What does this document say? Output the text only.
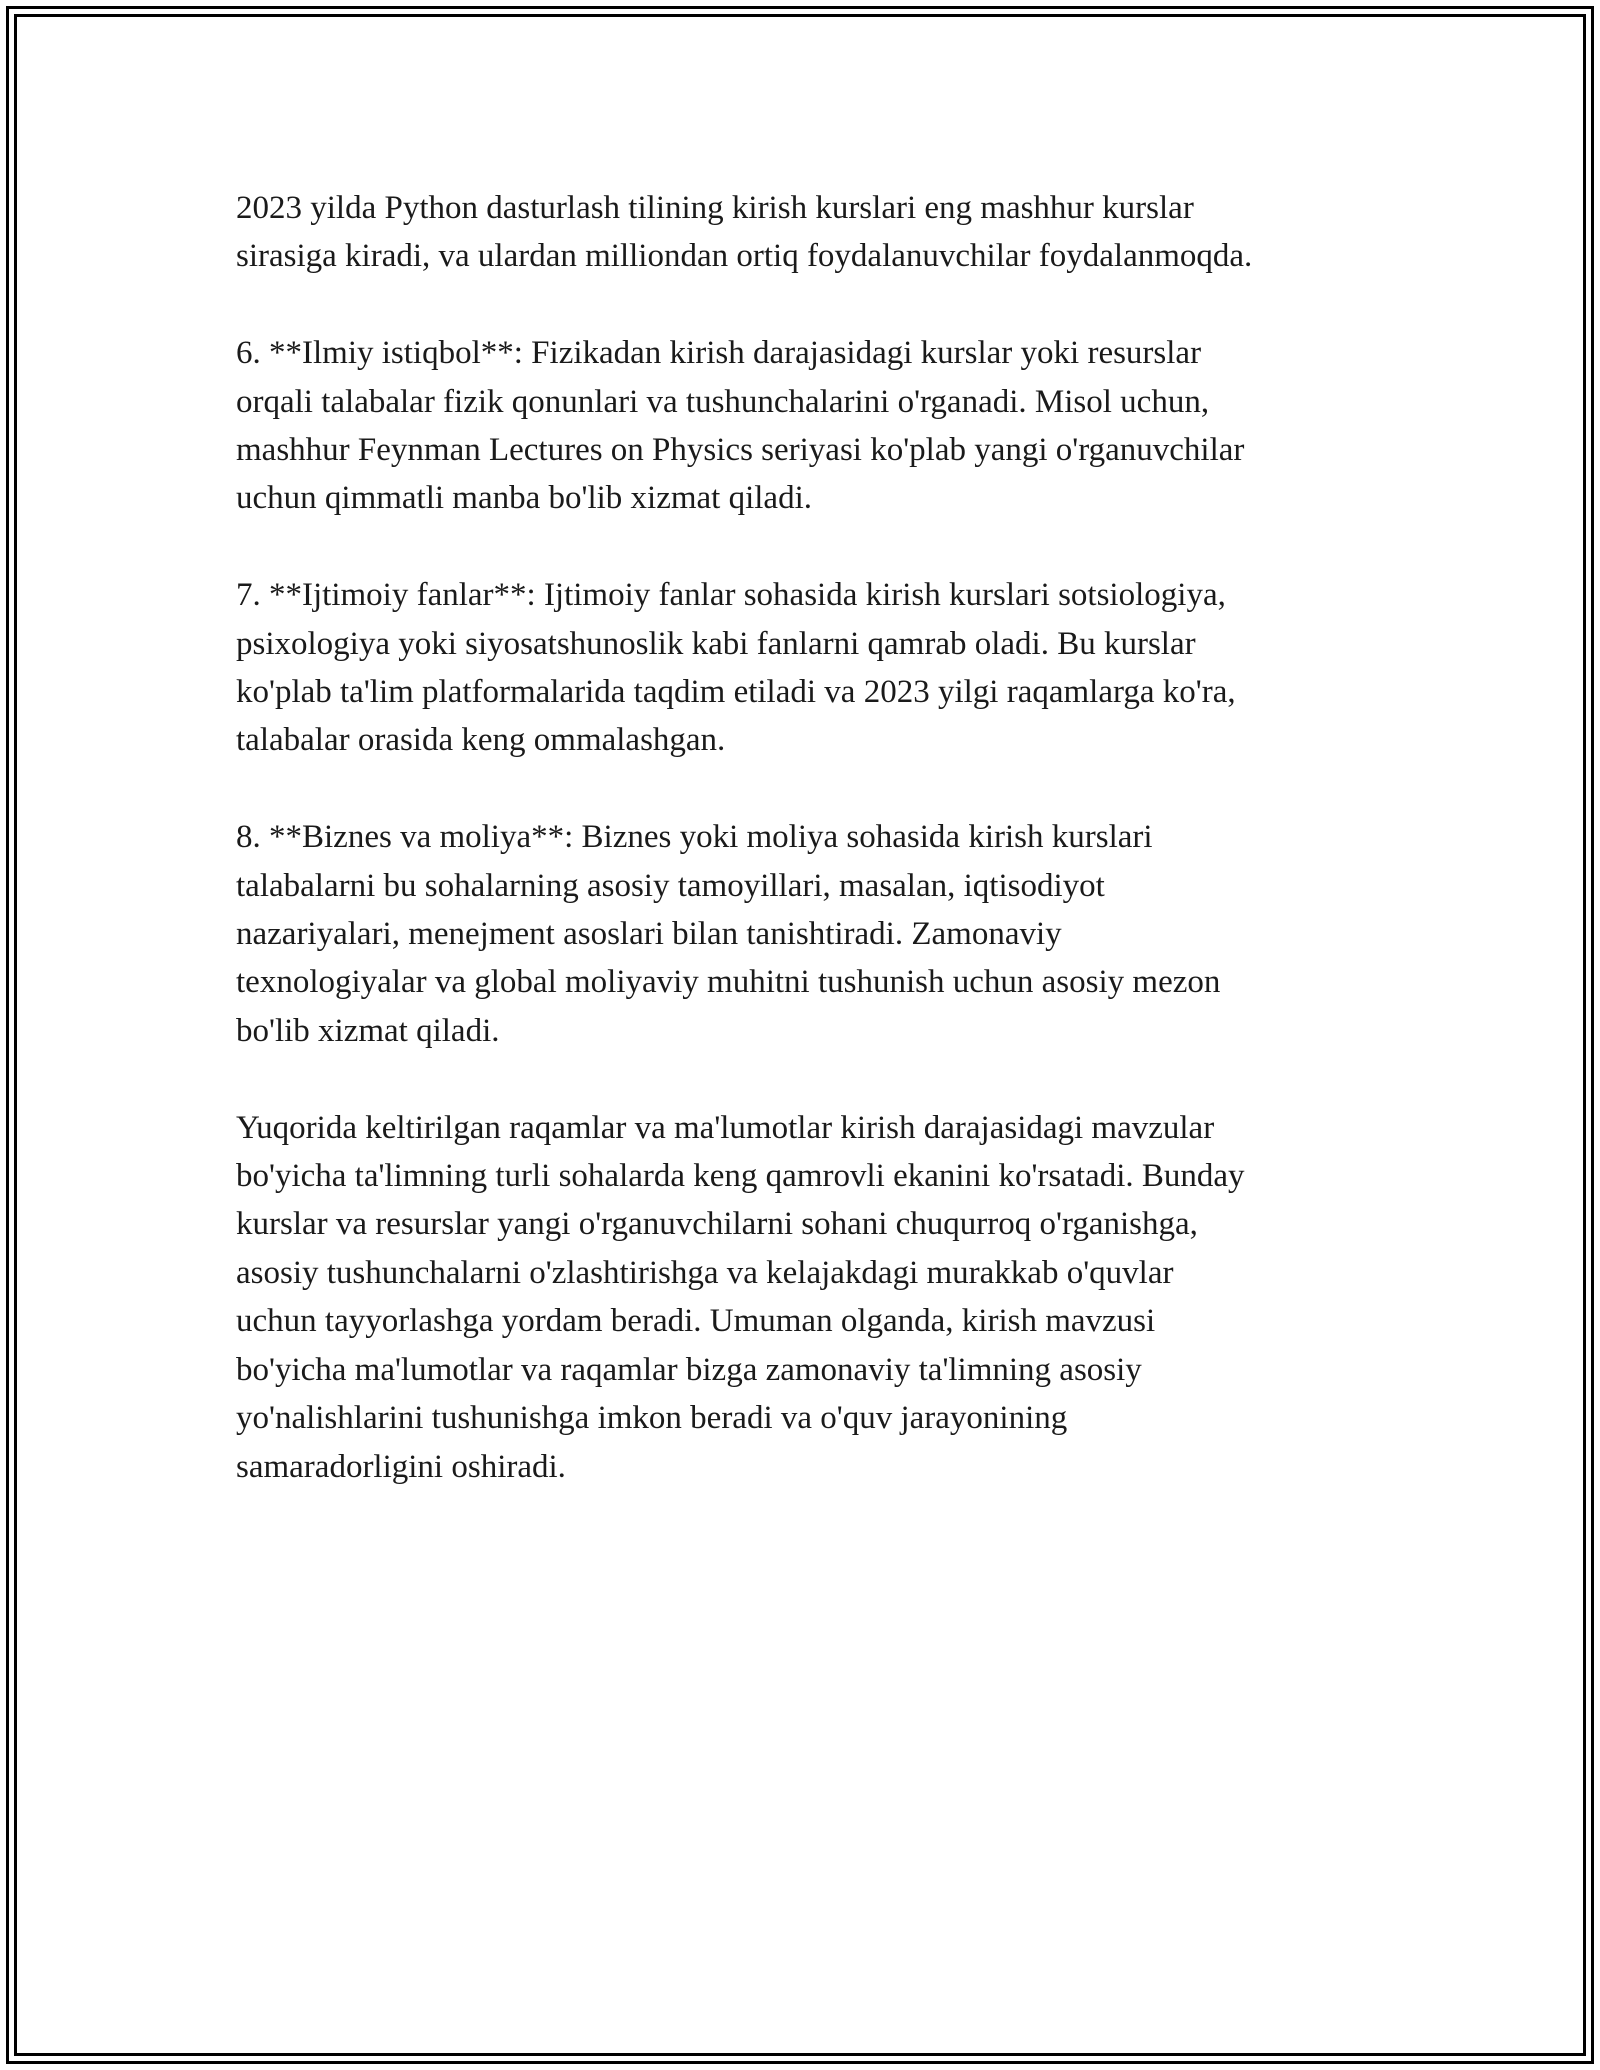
2023 yilda Python dasturlash tilining kirish kurslari eng mashhur kurslar
sirasiga kiradi, va ulardan milliondan ortiq foydalanuvchilar foydalanmoqda.

6. **Ilmiy istiqbol**: Fizikadan kirish darajasidagi kurslar yoki resurslar
orqali talabalar fizik qonunlari va tushunchalarini o'rganadi. Misol uchun,
mashhur Feynman Lectures on Physics seriyasi ko'plab yangi o'rganuvchilar
uchun qimmatli manba bo'lib xizmat qiladi.

7. **Ijtimoiy fanlar**: Ijtimoiy fanlar sohasida kirish kurslari sotsiologiya,
psixologiya yoki siyosatshunoslik kabi fanlarni qamrab oladi. Bu kurslar
ko'plab ta'lim platformalarida taqdim etiladi va 2023 yilgi raqamlarga ko'ra,
talabalar orasida keng ommalashgan.

8. **Biznes va moliya**: Biznes yoki moliya sohasida kirish kurslari
talabalarni bu sohalarning asosiy tamoyillari, masalan, iqtisodiyot
nazariyalari, menejment asoslari bilan tanishtiradi. Zamonaviy
texnologiyalar va global moliyaviy muhitni tushunish uchun asosiy mezon
bo'lib xizmat qiladi.

Yuqorida keltirilgan raqamlar va ma'lumotlar kirish darajasidagi mavzular
bo'yicha ta'limning turli sohalarda keng qamrovli ekanini ko'rsatadi. Bunday
kurslar va resurslar yangi o'rganuvchilarni sohani chuqurroq o'rganishga,
asosiy tushunchalarni o'zlashtirishga va kelajakdagi murakkab o'quvlar
uchun tayyorlashga yordam beradi. Umuman olganda, kirish mavzusi
bo'yicha ma'lumotlar va raqamlar bizga zamonaviy ta'limning asosiy
yo'nalishlarini tushunishga imkon beradi va o'quv jarayonining
samaradorligini oshiradi.
